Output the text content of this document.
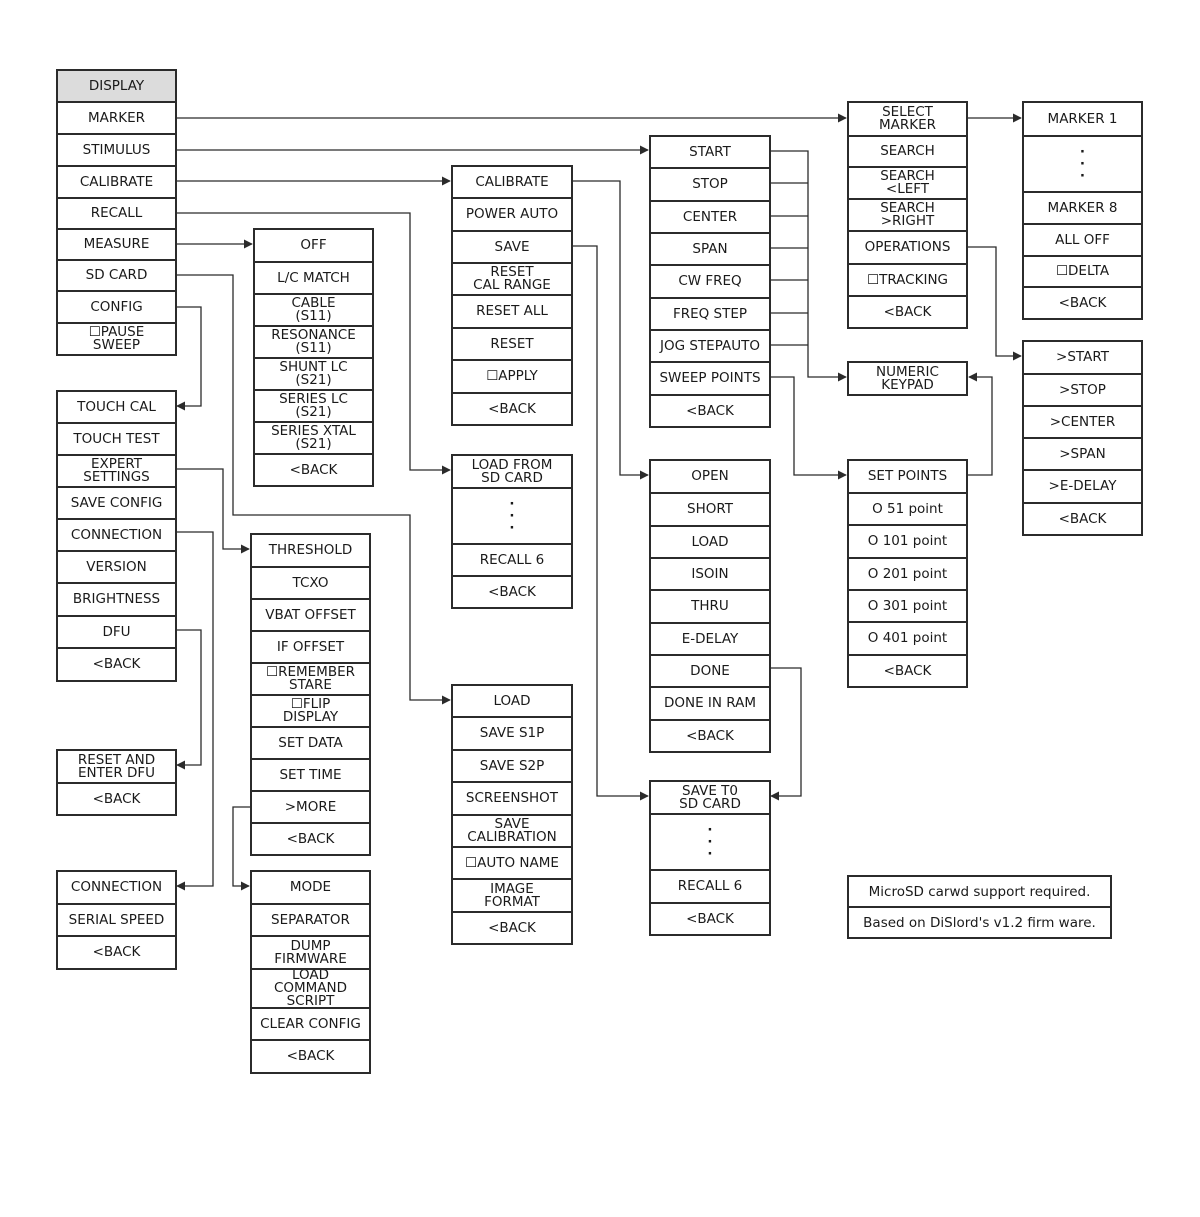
DISPLAY
MARKER
STIMULUS
CALIBRATE
RECALL
MEASURE
SD CARD
CONFIG
☐PAUSE
SWEEP
TOUCH CAL
TOUCH TEST
EXPERT
SETTINGS
SAVE CONFIG
CONNECTION
VERSION
BRIGHTNESS
DFU
<BACK
RESET AND
ENTER DFU
<BACK
CONNECTION
SERIAL SPEED
<BACK
OFF
L/C MATCH
CABLE
(S11)
RESONANCE
(S11)
SHUNT LC
(S21)
SERIES LC
(S21)
SERIES XTAL
(S21)
<BACK
THRESHOLD
TCXO
VBAT OFFSET
IF OFFSET
☐REMEMBER
STARE
☐FLIP
DISPLAY
SET DATA
SET TIME
>MORE
<BACK
MODE
SEPARATOR
DUMP
FIRMWARE
LOAD
COMMAND
SCRIPT
CLEAR CONFIG
<BACK
CALIBRATE
POWER AUTO
SAVE
RESET
CAL RANGE
RESET ALL
RESET
☐APPLY
<BACK
LOAD FROM
SD CARD
·
·
·
RECALL 6
<BACK
LOAD
SAVE S1P
SAVE S2P
SCREENSHOT
SAVE
CALIBRATION
☐AUTO NAME
IMAGE
FORMAT
<BACK
START
STOP
CENTER
SPAN
CW FREQ
FREQ STEP
JOG STEPAUTO
SWEEP POINTS
<BACK
OPEN
SHORT
LOAD
ISOIN
THRU
E-DELAY
DONE
DONE IN RAM
<BACK
SAVE T0
SD CARD
·
·
·
RECALL 6
<BACK
SELECT
MARKER
SEARCH
SEARCH
<LEFT
SEARCH
>RIGHT
OPERATIONS
☐TRACKING
<BACK
NUMERIC
KEYPAD
SET POINTS
O 51 point
O 101 point
O 201 point
O 301 point
O 401 point
<BACK
MARKER 1
·
·
·
MARKER 8
ALL OFF
☐DELTA
<BACK
>START
>STOP
>CENTER
>SPAN
>E-DELAY
<BACK
MicroSD carwd support required.
Based on DiSlord's v1.2 firm ware.
